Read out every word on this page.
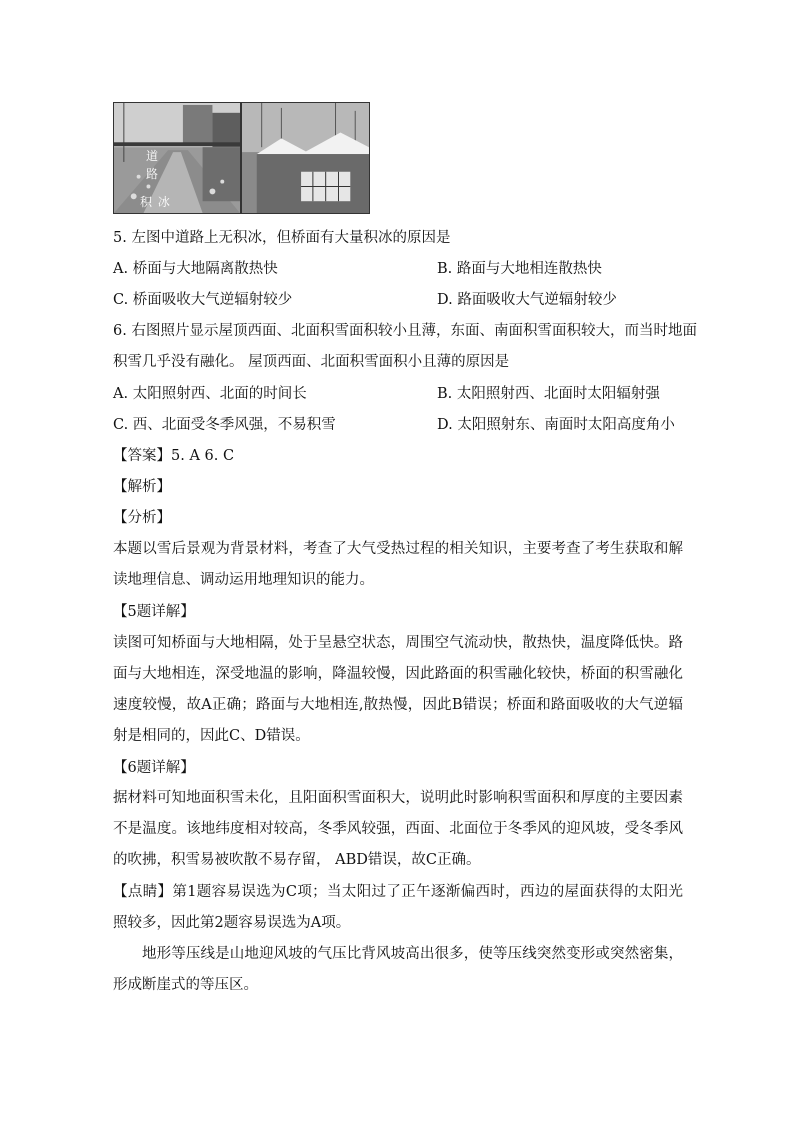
道
路
积 冰
5. 左图中道路上无积冰，但桥面有大量积冰的原因是
A. 桥面与大地隔离散热快	B. 路面与大地相连散热快
C. 桥面吸收大气逆辐射较少	D. 路面吸收大气逆辐射较少
6. 右图照片显示屋顶西面、北面积雪面积较小且薄，东面、南面积雪面积较大，而当时地面
积雪几乎没有融化。 屋顶西面、北面积雪面积小且薄的原因是
A. 太阳照射西、北面的时间长	B. 太阳照射西、北面时太阳辐射强
C. 西、北面受冬季风强，不易积雪	D. 太阳照射东、南面时太阳高度角小
【答案】5. A 6. C
【解析】
【分析】
本题以雪后景观为背景材料，考查了大气受热过程的相关知识，主要考查了考生获取和解读地理信息、调动运用地理知识的能力。
【5题详解】
读图可知桥面与大地相隔，处于呈悬空状态，周围空气流动快，散热快，温度降低快。路面与大地相连，深受地温的影响，降温较慢，因此路面的积雪融化较快，桥面的积雪融化速度较慢，故A正确；路面与大地相连,散热慢，因此B错误；桥面和路面吸收的大气逆辐射是相同的，因此C、D错误。
【6题详解】
据材料可知地面积雪未化，且阳面积雪面积大，说明此时影响积雪面积和厚度的主要因素不是温度。该地纬度相对较高，冬季风较强，西面、北面位于冬季风的迎风坡，受冬季风的吹拂，积雪易被吹散不易存留， ABD错误，故C正确。
【点睛】第1题容易误选为C项；当太阳过了正午逐渐偏西时，西边的屋面获得的太阳光照较多，因此第2题容易误选为A项。
地形等压线是山地迎风坡的气压比背风坡高出很多，使等压线突然变形或突然密集，形成断崖式的等压区。
